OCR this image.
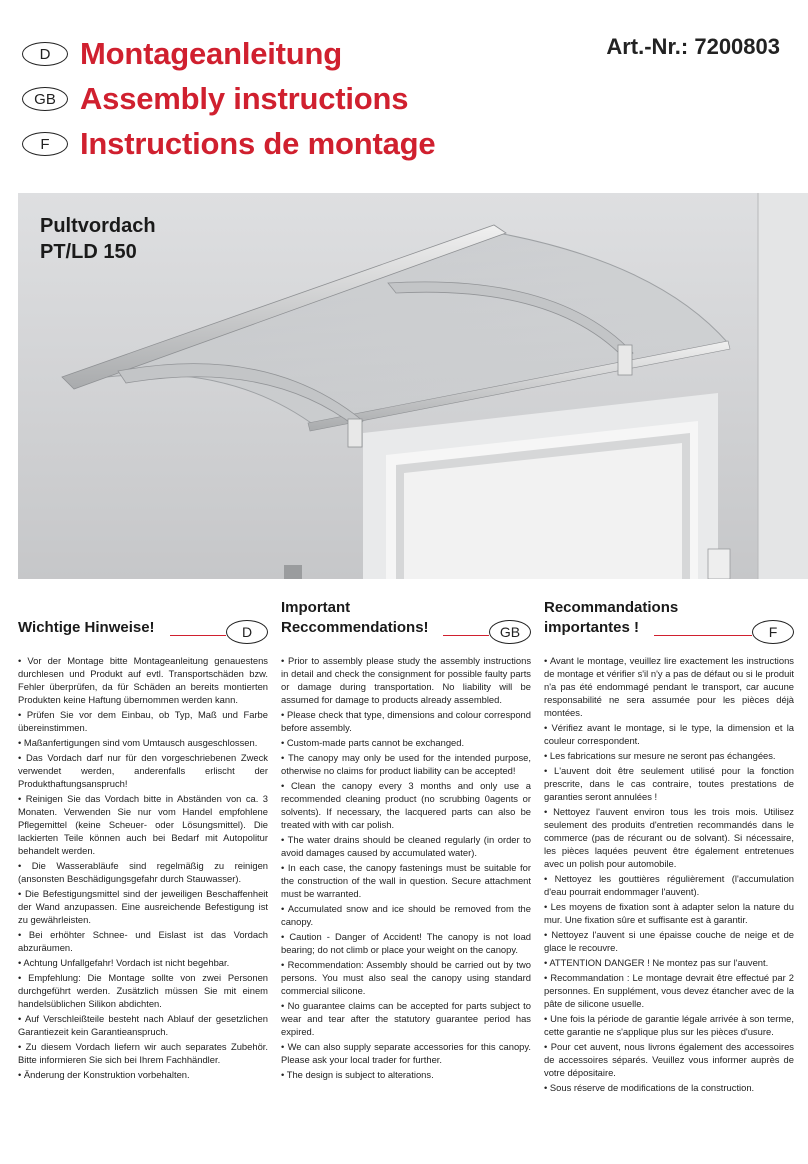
D Montageanleitung
GB Assembly instructions
F Instructions de montage
Art.-Nr.: 7200803
Pultvordach
PT/LD 150
Wichtige Hinweise!	D

• Vor der Montage bitte Montageanleitung genauestens durchlesen und Produkt auf evtl. Transportschäden bzw. Fehler überprüfen, da für Schäden an bereits montierten Produkten keine Haftung übernommen werden kann.

• Prüfen Sie vor dem Einbau, ob Typ, Maß und Farbe übereinstimmen.

• Maßanfertigungen sind vom Umtausch ausgeschlossen.

• Das Vordach darf nur für den vorgeschriebenen Zweck verwendet werden, anderenfalls erlischt der Produkthaftungsanspruch!

• Reinigen Sie das Vordach bitte in Abständen von ca. 3 Monaten. Verwenden Sie nur vom Handel empfohlene Pflegemittel (keine Scheuer- oder Lösungsmittel). Die lackierten Teile können auch bei Bedarf mit Autopolitur behandelt werden.

• Die Wasserabläufe sind regelmäßig zu reinigen (ansonsten Beschädigungsgefahr durch Stauwasser).

• Die Befestigungsmittel sind der jeweiligen Beschaffenheit der Wand anzupassen. Eine ausreichende Befestigung ist zu gewährleisten.

• Bei erhöhter Schnee- und Eislast ist das Vordach abzuräumen.

• Achtung Unfallgefahr! Vordach ist nicht begehbar.

• Empfehlung: Die Montage sollte von zwei Personen durchgeführt werden. Zusätzlich müssen Sie mit einem handelsüblichen Silikon abdichten.

• Auf Verschleißteile besteht nach Ablauf der gesetzlichen Garantiezeit kein Garantieanspruch.

• Zu diesem Vordach liefern wir auch separates Zubehör. Bitte informieren Sie sich bei Ihrem Fachhändler.

• Änderung der Konstruktion vorbehalten.

Important
Reccommendations!	GB

• Prior to assembly please study the assembly instructions in detail and check the consignment for possible faulty parts or damage during transportation. No liability will be assumed for damage to products already assembled.

• Please check that type, dimensions and colour correspond before assembly.

• Custom-made parts cannot be exchanged.

• The canopy may only be used for the intended purpose, otherwise no claims for product liability can be accepted!

• Clean the canopy every 3 months and only use a recommended cleaning product (no scrubbing 0agents or solvents). If necessary, the lacquered parts can also be treated with with car polish.

• The water drains should be cleaned regularly (in order to avoid damages caused by accumulated water).

• In each case, the canopy fastenings must be suitable for the construction of the wall in question. Secure attachment must be warranted.

• Accumulated snow and ice should be removed from the canopy.

• Caution - Danger of Accident! The canopy is not load bearing; do not climb or place your weight on the canopy.

• Recommendation: Assembly should be carried out by two persons. You must also seal the canopy using standard commercial silicone.

• No guarantee claims can be accepted for parts subject to wear and tear after the statutory guarantee period has expired.

• We can also supply separate accessories for this canopy. Please ask your local trader for further.

• The design is subject to alterations.

Recommandations
importantes !	F

• Avant le montage, veuillez lire exactement les instructions de montage et vérifier s'il n'y a pas de défaut ou si le produit n'a pas été endommagé pendant le transport, car aucune responsabilité ne sera assumée pour les pièces déjà montées.

• Vérifiez avant le montage, si le type, la dimension et la couleur correspondent.

• Les fabrications sur mesure ne seront pas échangées.

• L'auvent doit être seulement utilisé pour la fonction prescrite, dans le cas contraire, toutes prestations de garanties seront annulées !

• Nettoyez l'auvent environ tous les trois mois. Utilisez seulement des produits d'entretien recommandés dans le commerce (pas de récurant ou de solvant). Si nécessaire, les pièces laquées peuvent être également entretenues avec un polish pour automobile.

• Nettoyez les gouttières régulièrement (l'accumulation d'eau pourrait endommager l'auvent).

• Les moyens de fixation sont à adapter selon la nature du mur. Une fixation sûre et suffisante est à garantir.

• Nettoyez l'auvent si une épaisse couche de neige et de glace le recouvre.

• ATTENTION DANGER ! Ne montez pas sur l'auvent.

• Recommandation : Le montage devrait être effectué par 2 personnes. En supplément, vous devez étancher avec de la pâte de silicone usuelle.

• Une fois la période de garantie légale arrivée à son terme, cette garantie ne s'applique plus sur les pièces d'usure.

• Pour cet auvent, nous livrons également des accessoires de accessoires séparés. Veuillez vous informer auprès de votre dépositaire.

• Sous réserve de modifications de la construction.
